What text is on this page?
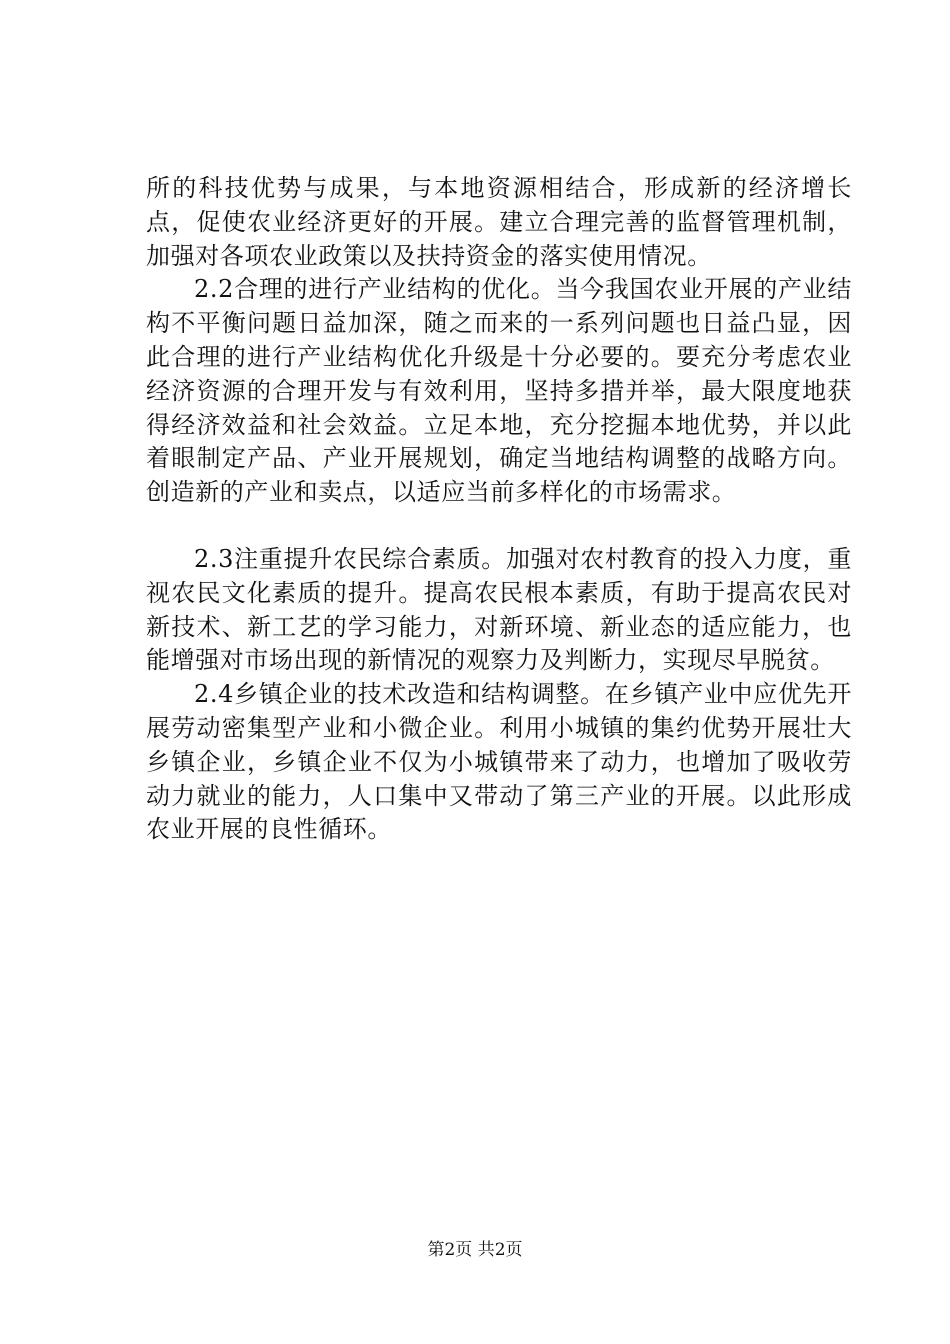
所的科技优势与成果，与本地资源相结合，形成新的经济增长点，促使农业经济更好的开展。建立合理完善的监督管理机制，加强对各项农业政策以及扶持资金的落实使用情况。

2.2合理的进行产业结构的优化。当今我国农业开展的产业结构不平衡问题日益加深，随之而来的一系列问题也日益凸显，因此合理的进行产业结构优化升级是十分必要的。要充分考虑农业经济资源的合理开发与有效利用，坚持多措并举，最大限度地获得经济效益和社会效益。立足本地，充分挖掘本地优势，并以此着眼制定产品、产业开展规划，确定当地结构调整的战略方向。创造新的产业和卖点，以适应当前多样化的市场需求。

2.3注重提升农民综合素质。加强对农村教育的投入力度，重视农民文化素质的提升。提高农民根本素质，有助于提高农民对新技术、新工艺的学习能力，对新环境、新业态的适应能力，也能增强对市场出现的新情况的观察力及判断力，实现尽早脱贫。

2.4乡镇企业的技术改造和结构调整。在乡镇产业中应优先开展劳动密集型产业和小微企业。利用小城镇的集约优势开展壮大乡镇企业，乡镇企业不仅为小城镇带来了动力，也增加了吸收劳动力就业的能力，人口集中又带动了第三产业的开展。以此形成农业开展的良性循环。

第2页 共2页
